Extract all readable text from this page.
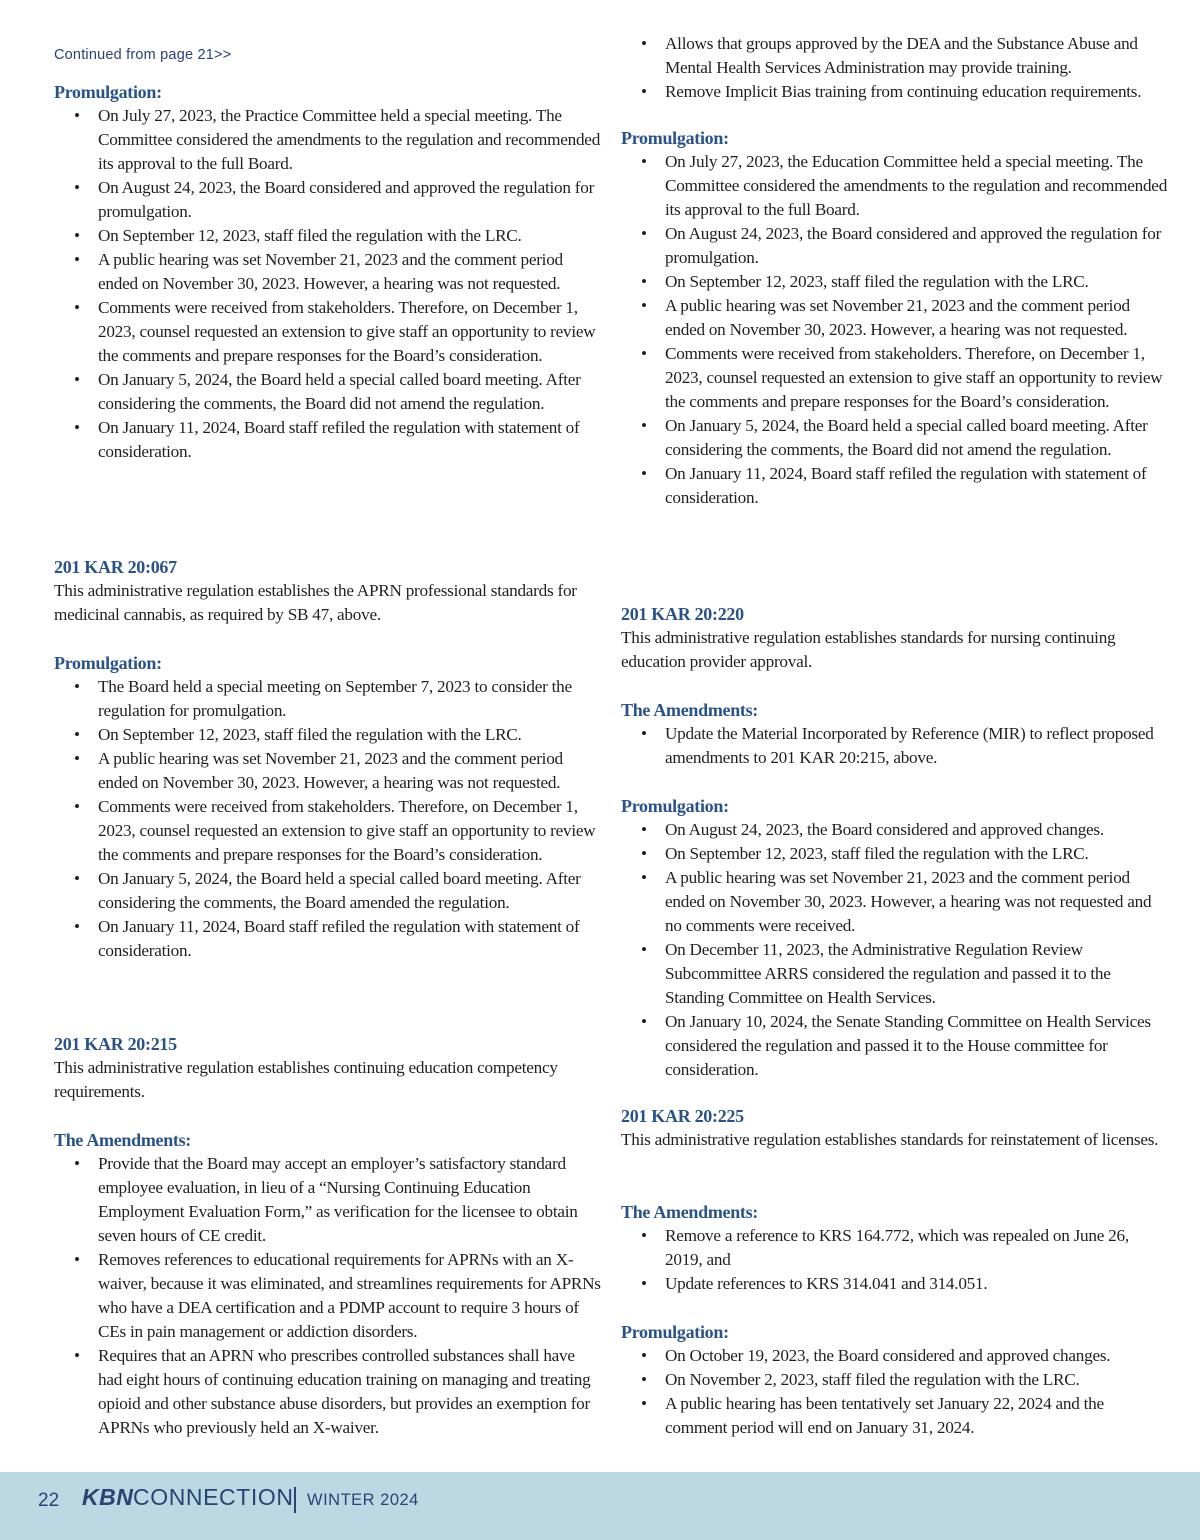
Continued from page 21>>
Promulgation:
• On July 27, 2023, the Practice Committee held a special meeting. The Committee considered the amendments to the regulation and recommended its approval to the full Board.
• On August 24, 2023, the Board considered and approved the regulation for promulgation.
• On September 12, 2023, staff filed the regulation with the LRC.
• A public hearing was set November 21, 2023 and the comment period ended on November 30, 2023. However, a hearing was not requested.
• Comments were received from stakeholders. Therefore, on December 1, 2023, counsel requested an extension to give staff an opportunity to review the comments and prepare responses for the Board’s consideration.
• On January 5, 2024, the Board held a special called board meeting. After considering the comments, the Board did not amend the regulation.
• On January 11, 2024, Board staff refiled the regulation with statement of consideration.
201 KAR 20:067

This administrative regulation establishes the APRN professional standards for medicinal cannabis, as required by SB 47, above.

Promulgation:
• The Board held a special meeting on September 7, 2023 to consider the regulation for promulgation.
• On September 12, 2023, staff filed the regulation with the LRC.
• A public hearing was set November 21, 2023 and the comment period ended on November 30, 2023. However, a hearing was not requested.
• Comments were received from stakeholders. Therefore, on December 1, 2023, counsel requested an extension to give staff an opportunity to review the comments and prepare responses for the Board’s consideration.
• On January 5, 2024, the Board held a special called board meeting. After considering the comments, the Board amended the regulation.
• On January 11, 2024, Board staff refiled the regulation with statement of consideration.
201 KAR 20:215

This administrative regulation establishes continuing education competency requirements.

The Amendments:
• Provide that the Board may accept an employer’s satisfactory standard employee evaluation, in lieu of a “Nursing Continuing Education Employment Evaluation Form,” as verification for the licensee to obtain seven hours of CE credit.
• Removes references to educational requirements for APRNs with an X-waiver, because it was eliminated, and streamlines requirements for APRNs who have a DEA certification and a PDMP account to require 3 hours of CEs in pain management or addiction disorders.
• Requires that an APRN who prescribes controlled substances shall have had eight hours of continuing education training on managing and treating opioid and other substance abuse disorders, but provides an exemption for APRNs who previously held an X-waiver.
• Allows that groups approved by the DEA and the Substance Abuse and Mental Health Services Administration may provide training.
• Remove Implicit Bias training from continuing education requirements.
Promulgation:
• On July 27, 2023, the Education Committee held a special meeting. The Committee considered the amendments to the regulation and recommended its approval to the full Board.
• On August 24, 2023, the Board considered and approved the regulation for promulgation.
• On September 12, 2023, staff filed the regulation with the LRC.
• A public hearing was set November 21, 2023 and the comment period ended on November 30, 2023. However, a hearing was not requested.
• Comments were received from stakeholders. Therefore, on December 1, 2023, counsel requested an extension to give staff an opportunity to review the comments and prepare responses for the Board’s consideration.
• On January 5, 2024, the Board held a special called board meeting. After considering the comments, the Board did not amend the regulation.
• On January 11, 2024, Board staff refiled the regulation with statement of consideration.
201 KAR 20:220

This administrative regulation establishes standards for nursing continuing education provider approval.

The Amendments:
• Update the Material Incorporated by Reference (MIR) to reflect proposed amendments to 201 KAR 20:215, above.
Promulgation:
• On August 24, 2023, the Board considered and approved changes.
• On September 12, 2023, staff filed the regulation with the LRC.
• A public hearing was set November 21, 2023 and the comment period ended on November 30, 2023. However, a hearing was not requested and no comments were received.
• On December 11, 2023, the Administrative Regulation Review Subcommittee ARRS considered the regulation and passed it to the Standing Committee on Health Services.
• On January 10, 2024, the Senate Standing Committee on Health Services considered the regulation and passed it to the House committee for consideration.
201 KAR 20:225

This administrative regulation establishes standards for reinstatement of licenses.

The Amendments:
• Remove a reference to KRS 164.772, which was repealed on June 26, 2019, and
• Update references to KRS 314.041 and 314.051.
Promulgation:
• On October 19, 2023, the Board considered and approved changes.
• On November 2, 2023, staff filed the regulation with the LRC.
• A public hearing has been tentatively set January 22, 2024 and the comment period will end on January 31, 2024.
22 KBN CONNECTION WINTER 2024
